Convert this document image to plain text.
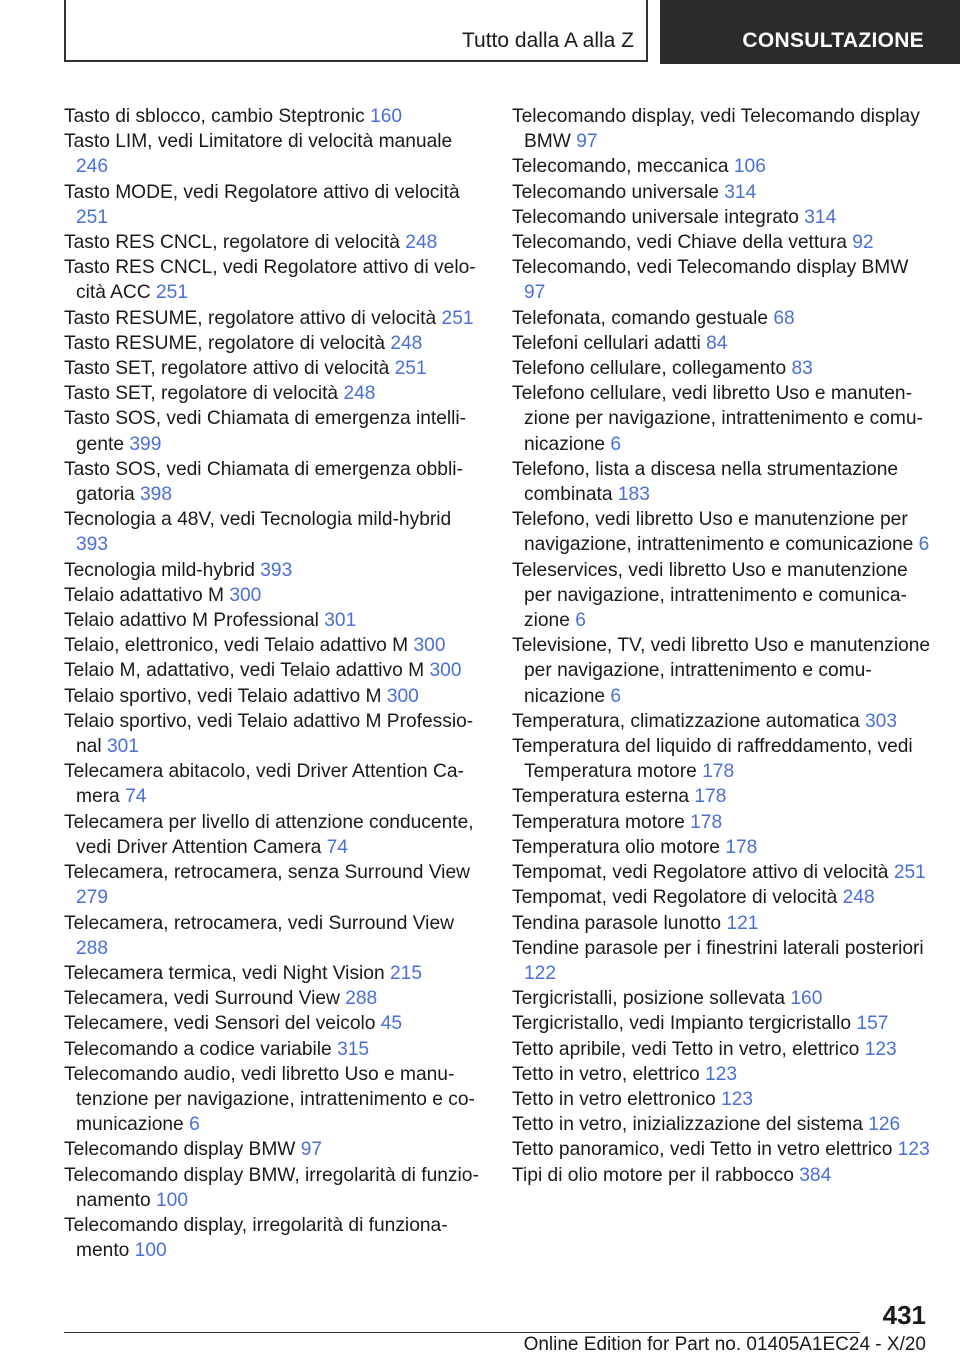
Tutto dalla A alla Z	CONSULTAZIONE

Tasto di sblocco, cambio Steptronic 160

Tasto LIM, vedi Limitatore di velocità manuale 246

Tasto MODE, vedi Regolatore attivo di velocità 251

Tasto RES CNCL, regolatore di velocità 248

Tasto RES CNCL, vedi Regolatore attivo di velocità ACC 251

Tasto RESUME, regolatore attivo di velocità 251

Tasto RESUME, regolatore di velocità 248

Tasto SET, regolatore attivo di velocità 251

Tasto SET, regolatore di velocità 248

Tasto SOS, vedi Chiamata di emergenza intelligente 399

Tasto SOS, vedi Chiamata di emergenza obbligatoria 398

Tecnologia a 48V, vedi Tecnologia mild-hybrid 393

Tecnologia mild-hybrid 393

Telaio adattativo M 300

Telaio adattivo M Professional 301

Telaio, elettronico, vedi Telaio adattivo M 300

Telaio M, adattativo, vedi Telaio adattivo M 300

Telaio sportivo, vedi Telaio adattivo M 300

Telaio sportivo, vedi Telaio adattivo M Professional 301

Telecamera abitacolo, vedi Driver Attention Camera 74

Telecamera per livello di attenzione conducente, vedi Driver Attention Camera 74

Telecamera, retrocamera, senza Surround View 279

Telecamera, retrocamera, vedi Surround View 288

Telecamera termica, vedi Night Vision 215

Telecamera, vedi Surround View 288

Telecamere, vedi Sensori del veicolo 45

Telecomando a codice variabile 315

Telecomando audio, vedi libretto Uso e manutenzione per navigazione, intrattenimento e comunicazione 6

Telecomando display BMW 97

Telecomando display BMW, irregolarità di funzionamento 100

Telecomando display, irregolarità di funzionamento 100

Telecomando display, vedi Telecomando display BMW 97

Telecomando, meccanica 106

Telecomando universale 314

Telecomando universale integrato 314

Telecomando, vedi Chiave della vettura 92

Telecomando, vedi Telecomando display BMW 97

Telefonata, comando gestuale 68

Telefoni cellulari adatti 84

Telefono cellulare, collegamento 83

Telefono cellulare, vedi libretto Uso e manutenzione per navigazione, intrattenimento e comunicazione 6

Telefono, lista a discesa nella strumentazione combinata 183

Telefono, vedi libretto Uso e manutenzione per navigazione, intrattenimento e comunicazione 6

Teleservices, vedi libretto Uso e manutenzione per navigazione, intrattenimento e comunicazione 6

Televisione, TV, vedi libretto Uso e manutenzione per navigazione, intrattenimento e comunicazione 6

Temperatura, climatizzazione automatica 303

Temperatura del liquido di raffreddamento, vedi Temperatura motore 178

Temperatura esterna 178

Temperatura motore 178

Temperatura olio motore 178

Tempomat, vedi Regolatore attivo di velocità 251

Tempomat, vedi Regolatore di velocità 248

Tendina parasole lunotto 121

Tendine parasole per i finestrini laterali posteriori 122

Tergicristalli, posizione sollevata 160

Tergicristallo, vedi Impianto tergicristallo 157

Tetto apribile, vedi Tetto in vetro, elettrico 123

Tetto in vetro, elettrico 123

Tetto in vetro elettronico 123

Tetto in vetro, inizializzazione del sistema 126

Tetto panoramico, vedi Tetto in vetro elettrico 123

Tipi di olio motore per il rabbocco 384

431
Online Edition for Part no. 01405A1EC24 - X/20
